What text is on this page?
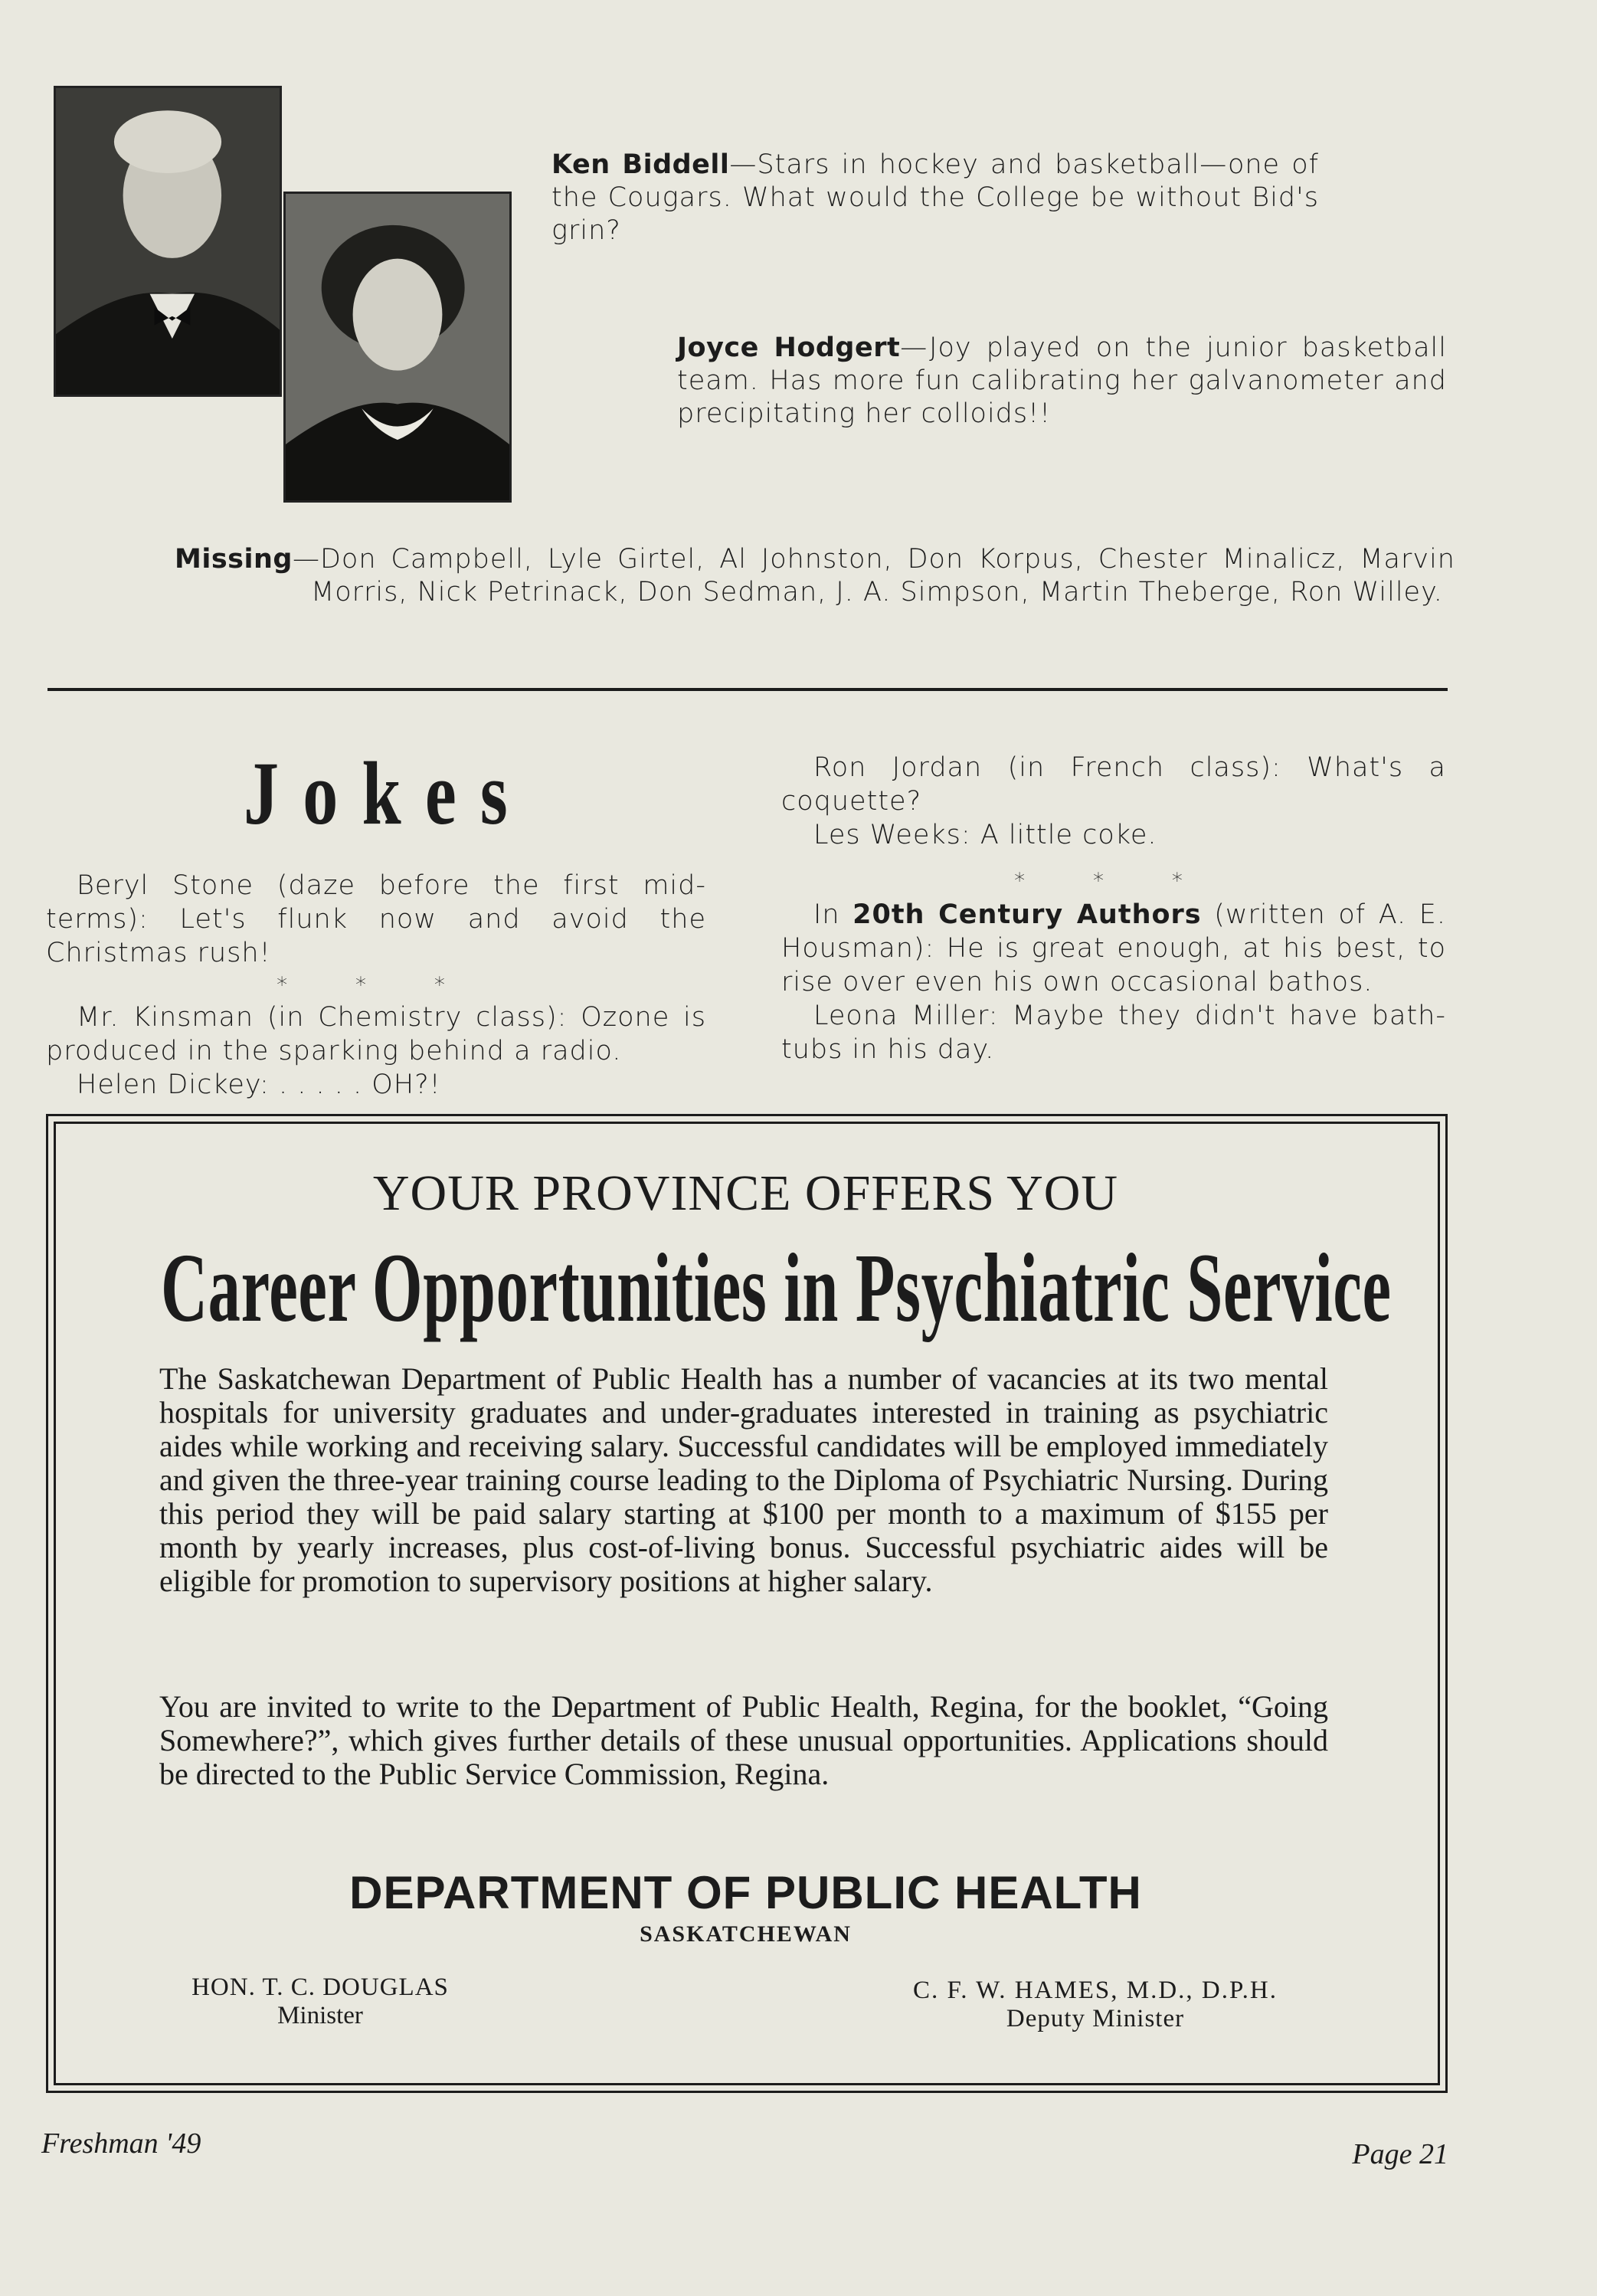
Ken Biddell—Stars in hockey and basketball—one of the Cougars. What would the College be without Bid's grin?
Joyce Hodgert—Joy played on the junior basketball team. Has more fun calibrating her galvanometer and precipitating her colloids!!
Missing—Don Campbell, Lyle Girtel, Al Johnston, Don Korpus, Chester Minalicz, Marvin Morris, Nick Petrinack, Don Sedman, J. A. Simpson, Martin Theberge, Ron Willey.
Jokes
Beryl Stone (daze before the first mid-terms): Let's flunk now and avoid the Christmas rush!
* * *
Mr. Kinsman (in Chemistry class): Ozone is produced in the sparking behind a radio.
Helen Dickey: . . . . . OH?!
Ron Jordan (in French class): What's a coquette?
Les Weeks: A little coke.
* * *
In 20th Century Authors (written of A. E. Housman): He is great enough, at his best, to rise over even his own occasional bathos.
Leona Miller: Maybe they didn't have bath-tubs in his day.
YOUR PROVINCE OFFERS YOU
Career Opportunities in Psychiatric Service
The Saskatchewan Department of Public Health has a number of vacancies at its two mental hospitals for university graduates and under-graduates interested in training as psychiatric aides while working and receiving salary. Successful candidates will be employed immediately and given the three-year training course leading to the Diploma of Psychiatric Nursing. During this period they will be paid salary starting at $100 per month to a maximum of $155 per month by yearly increases, plus cost-of-living bonus. Successful psychiatric aides will be eligible for promotion to supervisory positions at higher salary.
You are invited to write to the Department of Public Health, Regina, for the booklet, “Going Somewhere?”, which gives further details of these unusual opportunities. Applications should be directed to the Public Service Commission, Regina.
DEPARTMENT OF PUBLIC HEALTH
SASKATCHEWAN
HON. T. C. DOUGLAS
Minister
C. F. W. HAMES, M.D., D.P.H.
Deputy Minister
Freshman '49	Page 21
